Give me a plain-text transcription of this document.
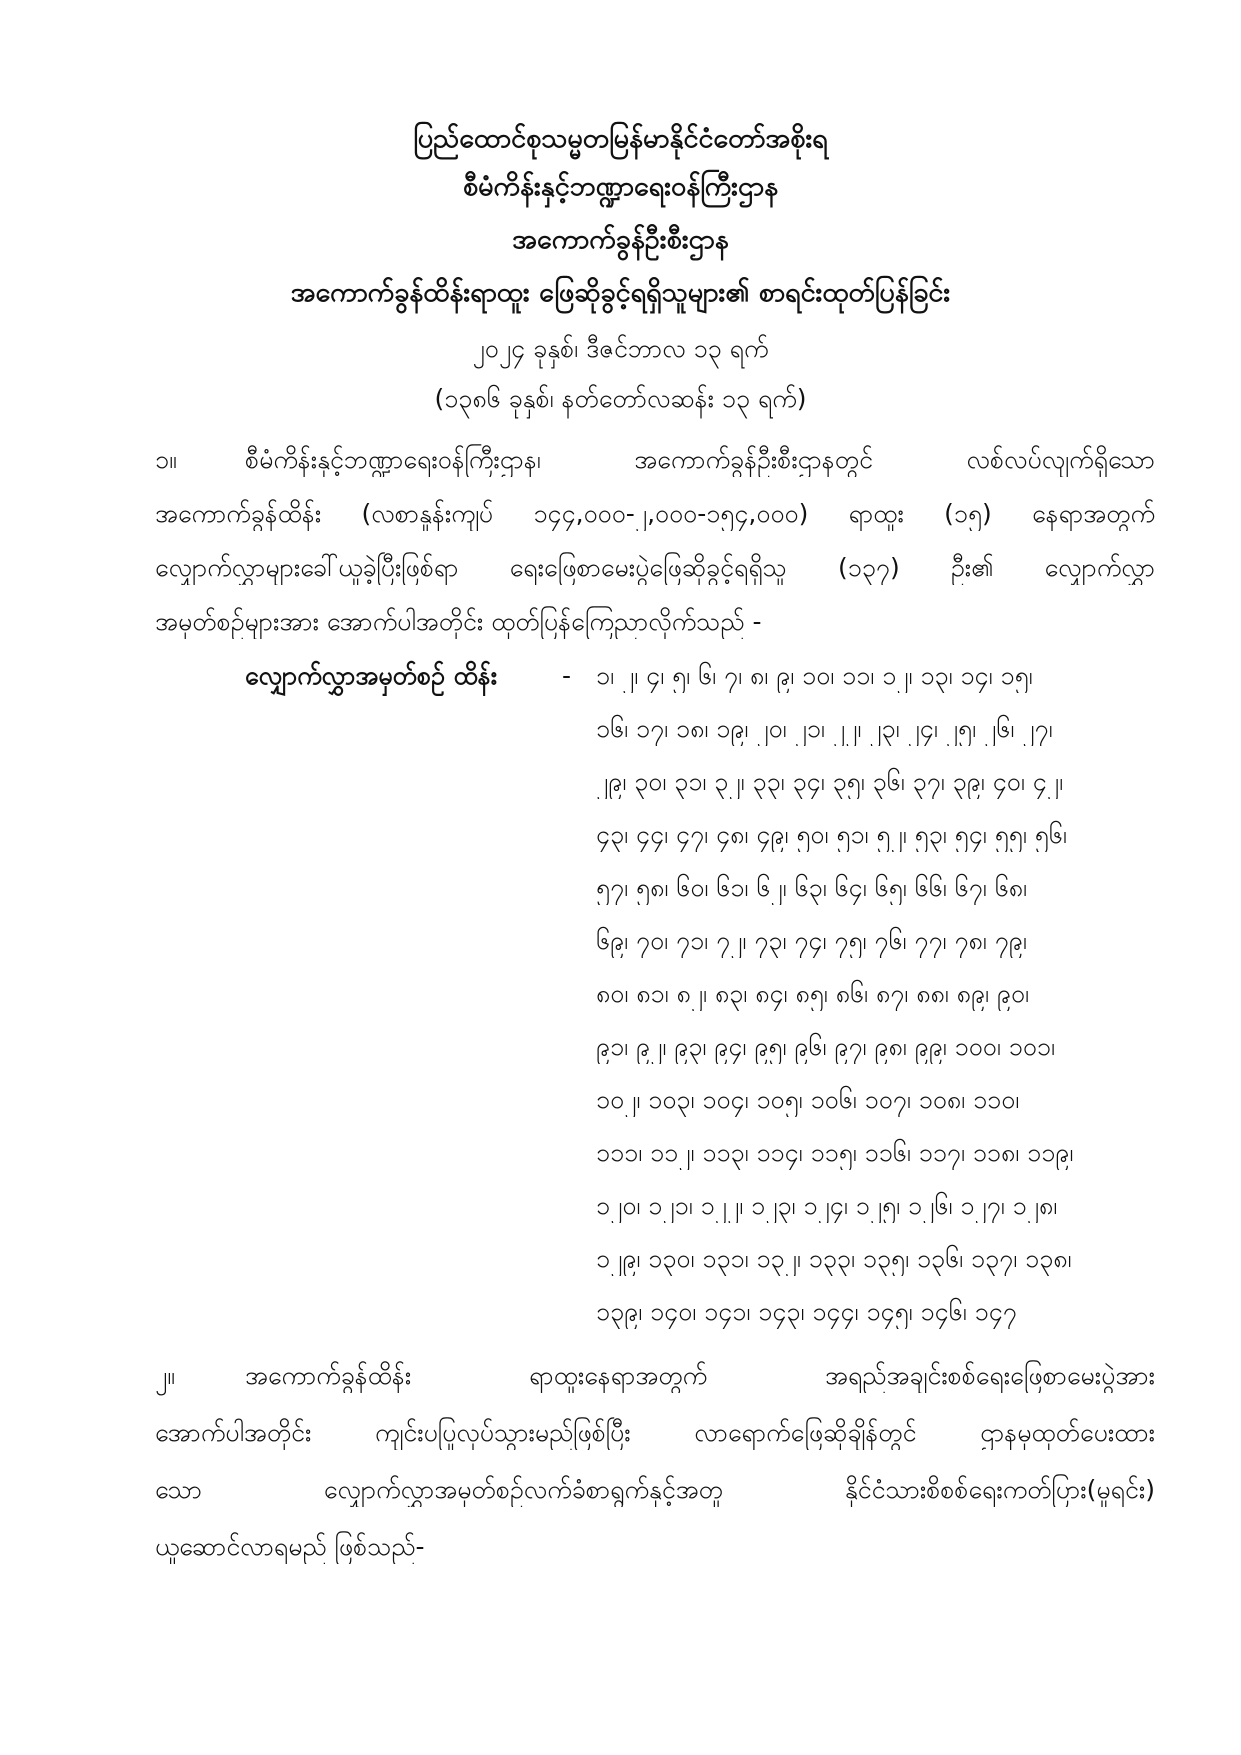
ပြည်ထောင်စုသမ္မတမြန်မာနိုင်ငံတော်အစိုးရ
စီမံကိန်းနှင့်ဘဏ္ဍာရေးဝန်ကြီးဌာန
အကောက်ခွန်ဦးစီးဌာန
အကောက်ခွန်ထိန်းရာထူး ဖြေဆိုခွင့်ရရှိသူများ၏ စာရင်းထုတ်ပြန်ခြင်း
၂၀၂၄ ခုနှစ်၊ ဒီဇင်ဘာလ ၁၃ ရက်
(၁၃၈၆ ခုနှစ်၊ နတ်တော်လဆန်း ၁၃ ရက်)
၁။	စီမံကိန်းနှင့်ဘဏ္ဍာရေးဝန်ကြီးဌာန၊ အကောက်ခွန်ဦးစီးဌာနတွင် လစ်လပ်လျက်ရှိသော
အကောက်ခွန်ထိန်း (လစာနှုန်းကျပ် ၁၄၄,၀၀၀-၂,၀၀၀-၁၅၄,၀၀၀) ရာထူး (၁၅) နေရာအတွက်
လျှောက်လွှာများခေါ်ယူခဲ့ပြီးဖြစ်ရာ ရေးဖြေစာမေးပွဲဖြေဆိုခွင့်ရရှိသူ (၁၃၇) ဦး၏ လျှောက်လွှာ
အမှတ်စဉ်များအား အောက်ပါအတိုင်း ထုတ်ပြန်ကြေညာလိုက်သည် -
လျှောက်လွှာအမှတ်စဉ် ထိန်း	- ၁၊ ၂၊ ၄၊ ၅၊ ၆၊ ၇၊ ၈၊ ၉၊ ၁၀၊ ၁၁၊ ၁၂၊ ၁၃၊ ၁၄၊ ၁၅၊
၁၆၊ ၁၇၊ ၁၈၊ ၁၉၊ ၂၀၊ ၂၁၊ ၂၂၊ ၂၃၊ ၂၄၊ ၂၅၊ ၂၆၊ ၂၇၊
၂၉၊ ၃၀၊ ၃၁၊ ၃၂၊ ၃၃၊ ၃၄၊ ၃၅၊ ၃၆၊ ၃၇၊ ၃၉၊ ၄၀၊ ၄၂၊
၄၃၊ ၄၄၊ ၄၇၊ ၄၈၊ ၄၉၊ ၅၀၊ ၅၁၊ ၅၂၊ ၅၃၊ ၅၄၊ ၅၅၊ ၅၆၊
၅၇၊ ၅၈၊ ၆၀၊ ၆၁၊ ၆၂၊ ၆၃၊ ၆၄၊ ၆၅၊ ၆၆၊ ၆၇၊ ၆၈၊
၆၉၊ ၇၀၊ ၇၁၊ ၇၂၊ ၇၃၊ ၇၄၊ ၇၅၊ ၇၆၊ ၇၇၊ ၇၈၊ ၇၉၊
၈၀၊ ၈၁၊ ၈၂၊ ၈၃၊ ၈၄၊ ၈၅၊ ၈၆၊ ၈၇၊ ၈၈၊ ၈၉၊ ၉၀၊
၉၁၊ ၉၂၊ ၉၃၊ ၉၄၊ ၉၅၊ ၉၆၊ ၉၇၊ ၉၈၊ ၉၉၊ ၁၀၀၊ ၁၀၁၊
၁၀၂၊ ၁၀၃၊ ၁၀၄၊ ၁၀၅၊ ၁၀၆၊ ၁၀၇၊ ၁၀၈၊ ၁၁၀၊
၁၁၁၊ ၁၁၂၊ ၁၁၃၊ ၁၁၄၊ ၁၁၅၊ ၁၁၆၊ ၁၁၇၊ ၁၁၈၊ ၁၁၉၊
၁၂၀၊ ၁၂၁၊ ၁၂၂၊ ၁၂၃၊ ၁၂၄၊ ၁၂၅၊ ၁၂၆၊ ၁၂၇၊ ၁၂၈၊
၁၂၉၊ ၁၃၀၊ ၁၃၁၊ ၁၃၂၊ ၁၃၃၊ ၁၃၅၊ ၁၃၆၊ ၁၃၇၊ ၁၃၈၊
၁၃၉၊ ၁၄၀၊ ၁၄၁၊ ၁၄၃၊ ၁၄၄၊ ၁၄၅၊ ၁၄၆၊ ၁၄၇
၂။	အကောက်ခွန်ထိန်း ရာထူးနေရာအတွက် အရည်အချင်းစစ်ရေးဖြေစာမေးပွဲအား
အောက်ပါအတိုင်း ကျင်းပပြုလုပ်သွားမည်ဖြစ်ပြီး လာရောက်ဖြေဆိုချိန်တွင် ဌာနမှထုတ်ပေးထား
သော လျှောက်လွှာအမှတ်စဉ်လက်ခံစာရွက်နှင့်အတူ နိုင်ငံသားစိစစ်ရေးကတ်ပြား(မူရင်း)
ယူဆောင်လာရမည် ဖြစ်သည်-
